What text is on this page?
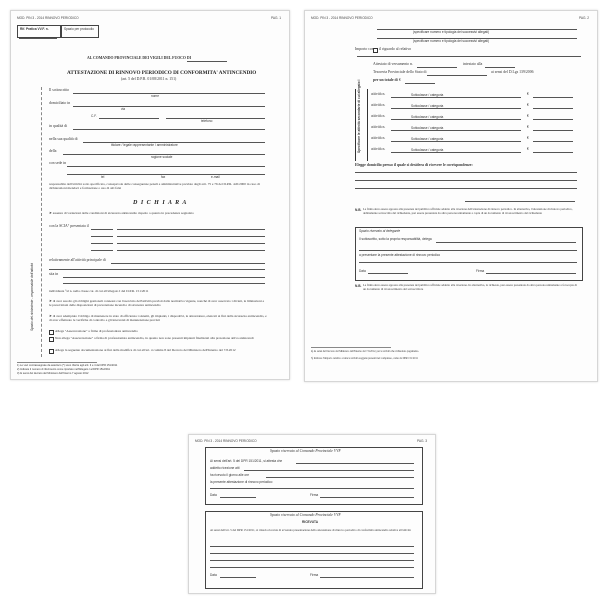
MOD. PIN 3 - 2014 RINNOVO PERIODICO	PAG. 1
Rif. Pratica VV.F. n.	Spazio per protocollo
AL COMANDO PROVINCIALE DEI VIGILI DEL FUOCO DI
ATTESTAZIONE DI RINNOVO PERIODICO DI CONFORMITA' ANTINCENDIO
(art. 5 del D.P.R. 01/08/2011 n. 151)
Il sottoscritto
nome
domiciliato in
via
C.F.
telefono
in qualità di
nella sua qualità di
titolare / legale rappresentante / amministratore
della
ragione sociale
con sede in
tel	fax	e-mail
responsabile dell'attività sotto specificata, consapevole delle conseguenze penali e amministrative previste dagli artt. 75 e 76 del D.P.R. 445/2000 in caso di dichiarazioni mendaci e formazione o uso di atti falsi
D I C H I A R A
➤ assenza di variazioni delle condizioni di sicurezza antincendio rispetto a quanto in precedenza segnalato
con la SCIA° presentata il
relativamente all'attività principale di
sita in
individuata °al n. nella classe cat. di cui all'allegato I del D.P.R. 151/2011
➤ di aver assolto gli obblighi gestionali connessi con l'esercizio dell'attività previsti dalla normativa vigente, nonché di aver osservato i divieti, le limitazioni e le prescrizioni delle disposizioni di prevenzione incendi e di sicurezza antincendio
➤ di aver adempiuto l'obbligo di mantenere in stato di efficienza i sistemi, gli impianti, i dispositivi, le attrezzature, elencati ai fini della sicurezza antincendio, e di aver effettuato le verifiche di controllo e gli interventi di manutenzione previsti
Allega "Asseverazione" a firma di professionista antincendio
Non allega "Asseverazione" a firma di professionista antincendio, in quanto non sono presenti impianti finalizzati alla protezione attiva antincendi
Allega la seguente documentazione ai fini della modifica di cui all'art. 4 comma 8 del Decreto del Ministero dell'Interno del 7.8.2012
Spazio del richiedente - responsabile dell'attività
1) Le voci contrassegnate da asterisco (*) sono riferite agli artt. 3 e 4 del DPR 151/2011
2) Indicare il numero di riferimento come riportato nell'Allegato I al DPR 151/2011
3) Ai sensi del decreto del Ministero dell'Interno 7 agosto 2012
MOD. PIN 3 - 2014 RINNOVO PERIODICO	PAG. 2
(specificare numero e tipologia dei successivi allegati)
(specificare numero e tipologia dei successivi allegati)
Importo con il riguardo al relativo
Attestato di versamento n.	intestato alla
Tesoreria Provinciale dello Stato di	ai sensi del D.Lgs 139/2006
per un totale di €
Specificare le attività secondarie di cui allegato I	attività n.	Sottoclasse / categoria	€
attività n.	Sottoclasse / categoria	€
attività n.	Sottoclasse / categoria	€
attività n.	Sottoclasse / categoria	€
attività n.	Sottoclasse / categoria	€
attività n.	Sottoclasse / categoria	€
Elegge domicilio presso il quale si desidera di ricevere le corrispondenze:
N.B. La firma deve essere apposta alla presenza del pubblico ufficiale addetto alla ricezione dell'attestazione di rinnovo periodico. In alternativa, l'attestazione di rinnovo periodico, debitamente sottoscritta dal richiedente, può essere presentata da altra persona unitamente a copia di un documento di riconoscimento del richiedente
Spazio riservato al delegante
Il sottoscritto, sotto la propria responsabilità, delega
a presentare la presente attestazione di rinnovo periodico
Data	Firma
N.B. La firma deve essere apposta alla presenza del pubblico ufficiale addetto alla ricezione. In alternativa, la richiesta, può essere presentata da altra persona unitamente a fotocopia di un documento di riconoscimento del sottoscrittore
4) Ai sensi del Decreto del Ministero dell'Interno del 7.8.2012, per le attività che richiedono pagamento.
5) Indicare l'importo relativo a tutte le attività soggette presenti nel complesso, come da DPR 151/2011
MOD. PIN 3 - 2014 RINNOVO PERIODICO	PAG. 3
Spazio riservato al Comando Provinciale VVF
Ai sensi dell'art. 5 del DPR 151/2011, si attesta che
addetto ricezione atti
ha ricevuto il giorno alle ore
la presente attestazione di rinnovo periodico
Data	Firma
Spazio riservato al Comando Provinciale VVF
RICEVUTA
Ai sensi dell'art. 5 del DPR 151/2011, si rilascia ricevuta di avvenuta presentazione della attestazione di rinnovo periodico di conformità antincendio relativa all'attività
Data	Firma
